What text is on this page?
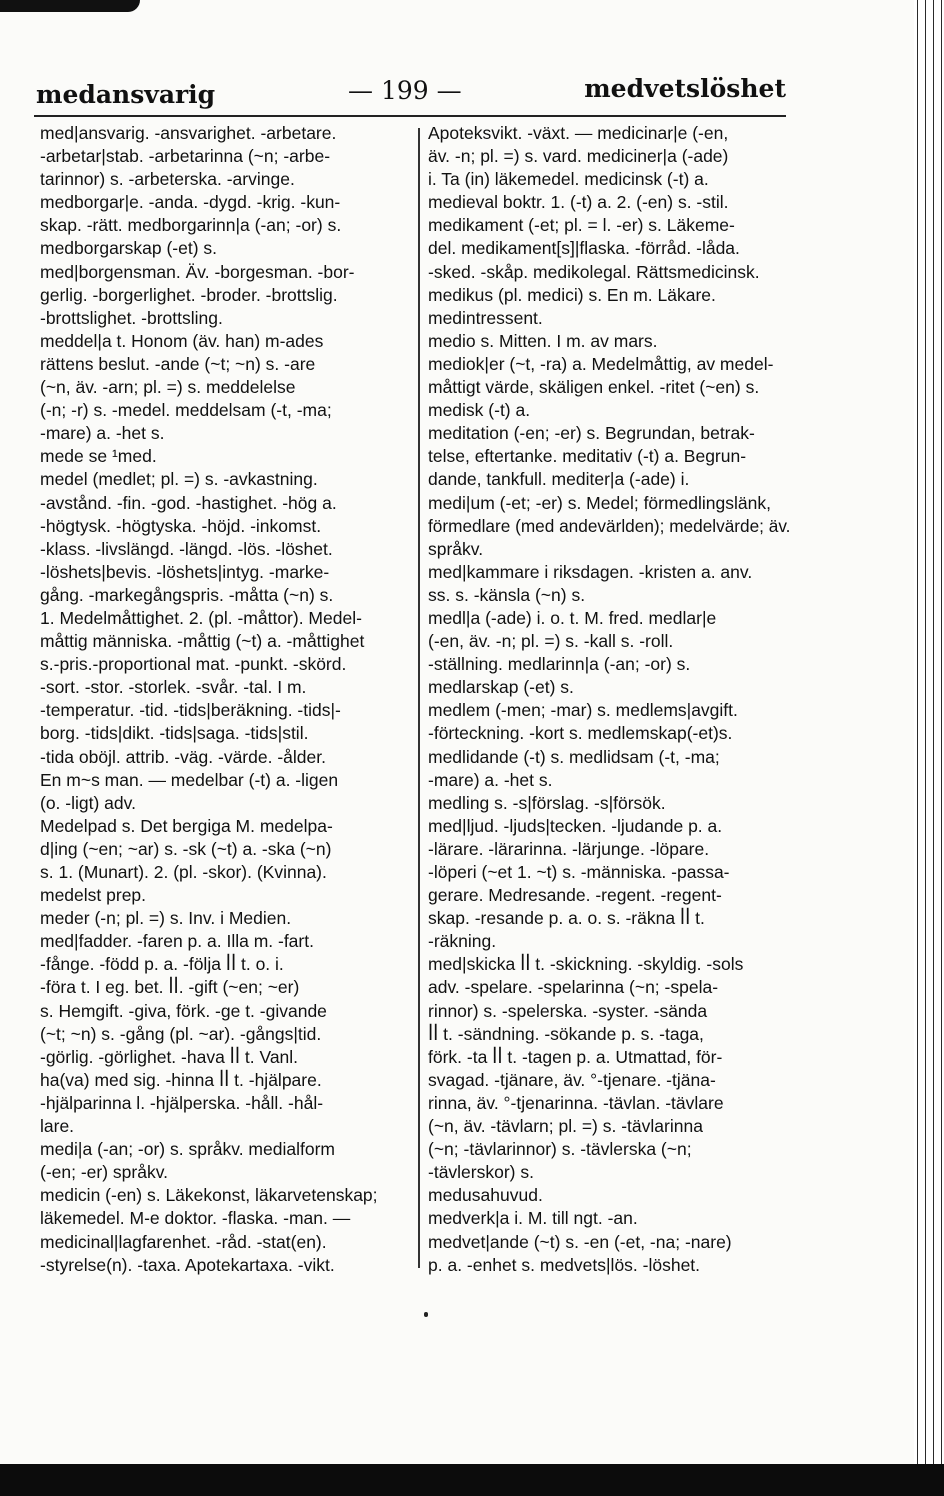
medansvarig	— 199 —	medvetslöshet
med|ansvarig. -ansvarighet. -arbetare.
-arbetar|stab. -arbetarinna (~n; -arbe-
tarinnor) s. -arbeterska. -arvinge.
medborgar|e. -anda. -dygd. -krig. -kun-
skap. -rätt. medborgarinn|a (-an; -or) s.
medborgarskap (-et) s.
med|borgensman. Äv. -borgesman. -bor-
gerlig. -borgerlighet. -broder. -brottslig.
-brottslighet. -brottsling.
meddel|a t. Honom (äv. han) m-ades
rättens beslut. -ande (~t; ~n) s. -are
(~n, äv. -arn; pl. =) s. meddelelse
(-n; -r) s. -medel. meddelsam (-t, -ma;
-mare) a. -het s.
mede se ¹med.
medel (medlet; pl. =) s. -avkastning.
-avstånd. -fin. -god. -hastighet. -hög a.
-högtysk. -högtyska. -höjd. -inkomst.
-klass. -livslängd. -längd. -lös. -löshet.
-löshets|bevis. -löshets|intyg. -marke-
gång. -markegångspris. -måtta (~n) s.
1. Medelmåttighet. 2. (pl. -måttor). Medel-
måttig människa. -måttig (~t) a. -måttighet
s.-pris.-proportional mat. -punkt. -skörd.
-sort. -stor. -storlek. -svår. -tal. I m.
-temperatur. -tid. -tids|beräkning. -tids|-
borg. -tids|dikt. -tids|saga. -tids|stil.
-tida oböjl. attrib. -väg. -värde. -ålder.
En m~s man. — medelbar (-t) a. -ligen
(o. -ligt) adv.
Medelpad s. Det bergiga M. medelpa-
d|ing (~en; ~ar) s. -sk (~t) a. -ska (~n)
s. 1. (Munart). 2. (pl. -skor). (Kvinna).
medelst prep.
meder (-n; pl. =) s. Inv. i Medien.
med|fadder. -faren p. a. Illa m. -fart.
-fånge. -född p. a. -följa ꟾꟾ t. o. i.
-föra t. I eg. bet. ꟾꟾ. -gift (~en; ~er)
s. Hemgift. -giva, förk. -ge t. -givande
(~t; ~n) s. -gång (pl. ~ar). -gångs|tid.
-görlig. -görlighet. -hava ꟾꟾ t. Vanl.
ha(va) med sig. -hinna ꟾꟾ t. -hjälpare.
-hjälparinna l. -hjälperska. -håll. -hål-
lare.
medi|a (-an; -or) s. språkv. medialform
(-en; -er) språkv.
medicin (-en) s. Läkekonst, läkarvetenskap;
läkemedel. M-e doktor. -flaska. -man. —
medicinal|lagfarenhet. -råd. -stat(en).
-styrelse(n). -taxa. Apotekartaxa. -vikt.
Apoteksvikt. -växt. — medicinar|e (-en,
äv. -n; pl. =) s. vard. mediciner|a (-ade)
i. Ta (in) läkemedel. medicinsk (-t) a.
medieval boktr. 1. (-t) a. 2. (-en) s. -stil.
medikament (-et; pl. = l. -er) s. Läkeme-
del. medikament[s]|flaska. -förråd. -låda.
-sked. -skåp. medikolegal. Rättsmedicinsk.
medikus (pl. medici) s. En m. Läkare.
medintressent.
medio s. Mitten. I m. av mars.
mediok|er (~t, -ra) a. Medelmåttig, av medel-
måttigt värde, skäligen enkel. -ritet (~en) s.
medisk (-t) a.
meditation (-en; -er) s. Begrundan, betrak-
telse, eftertanke. meditativ (-t) a. Begrun-
dande, tankfull. mediter|a (-ade) i.
medi|um (-et; -er) s. Medel; förmedlingslänk,
förmedlare (med andevärlden); medelvärde; äv.
språkv.
med|kammare i riksdagen. -kristen a. anv.
ss. s. -känsla (~n) s.
medl|a (-ade) i. o. t. M. fred. medlar|e
(-en, äv. -n; pl. =) s. -kall s. -roll.
-ställning. medlarinn|a (-an; -or) s.
medlarskap (-et) s.
medlem (-men; -mar) s. medlems|avgift.
-förteckning. -kort s. medlemskap(-et)s.
medlidande (-t) s. medlidsam (-t, -ma;
-mare) a. -het s.
medling s. -s|förslag. -s|försök.
med|ljud. -ljuds|tecken. -ljudande p. a.
-lärare. -lärarinna. -lärjunge. -löpare.
-löperi (~et 1. ~t) s. -människa. -passa-
gerare. Medresande. -regent. -regent-
skap. -resande p. a. o. s. -räkna ꟾꟾ t.
-räkning.
med|skicka ꟾꟾ t. -skickning. -skyldig. -sols
adv. -spelare. -spelarinna (~n; -spela-
rinnor) s. -spelerska. -syster. -sända
ꟾꟾ t. -sändning. -sökande p. s. -taga,
förk. -ta ꟾꟾ t. -tagen p. a. Utmattad, för-
svagad. -tjänare, äv. °-tjenare. -tjäna-
rinna, äv. °-tjenarinna. -tävlan. -tävlare
(~n, äv. -tävlarn; pl. =) s. -tävlarinna
(~n; -tävlarinnor) s. -tävlerska (~n;
-tävlerskor) s.
medusahuvud.
medverk|a i. M. till ngt. -an.
medvet|ande (~t) s. -en (-et, -na; -nare)
p. a. -enhet s. medvets|lös. -löshet.
